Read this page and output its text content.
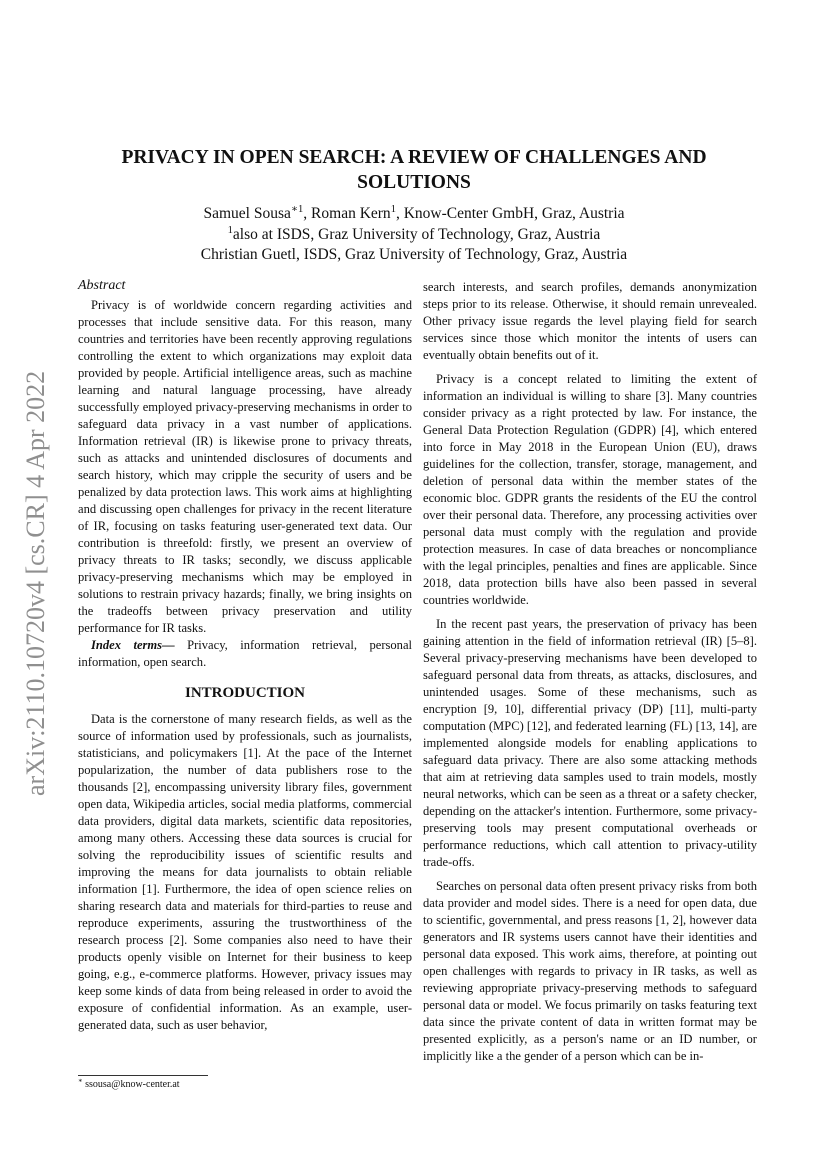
arXiv:2110.10720v4 [cs.CR] 4 Apr 2022
PRIVACY IN OPEN SEARCH: A REVIEW OF CHALLENGES AND
SOLUTIONS
Samuel Sousa$^{∗1}$, Roman Kern$^1$, Know-Center GmbH, Graz, Austria
$^1$also at ISDS, Graz University of Technology, Graz, Austria
Christian Guetl, ISDS, Graz University of Technology, Graz, Austria
Abstract

Privacy is of worldwide concern regarding activities and processes that include sensitive data. For this reason, many countries and territories have been recently approving regulations controlling the extent to which organizations may exploit data provided by people. Artificial intelligence areas, such as machine learning and natural language processing, have already successfully employed privacy-preserving mechanisms in order to safeguard data privacy in a vast number of applications. Information retrieval (IR) is likewise prone to privacy threats, such as attacks and unintended disclosures of documents and search history, which may cripple the security of users and be penalized by data protection laws. This work aims at highlighting and discussing open challenges for privacy in the recent literature of IR, focusing on tasks featuring user-generated text data. Our contribution is threefold: firstly, we present an overview of privacy threats to IR tasks; secondly, we discuss applicable privacy-preserving mechanisms which may be employed in solutions to restrain privacy hazards; finally, we bring insights on the tradeoffs between privacy preservation and utility performance for IR tasks.

Index terms— Privacy, information retrieval, personal information, open search.

INTRODUCTION

Data is the cornerstone of many research fields, as well as the source of information used by professionals, such as journalists, statisticians, and policymakers [1]. At the pace of the Internet popularization, the number of data publishers rose to the thousands [2], encompassing university library files, government open data, Wikipedia articles, social media platforms, commercial data providers, digital data markets, scientific data repositories, among many others. Accessing these data sources is crucial for solving the reproducibility issues of scientific results and improving the means for data journalists to obtain reliable information [1]. Furthermore, the idea of open science relies on sharing research data and materials for third-parties to reuse and reproduce experiments, assuring the trustworthiness of the research process [2]. Some companies also need to have their products openly visible on Internet for their business to keep going, e.g., e-commerce platforms. However, privacy issues may keep some kinds of data from being released in order to avoid the exposure of confidential information. As an example, user-generated data, such as user behavior,

search interests, and search profiles, demands anonymization steps prior to its release. Otherwise, it should remain unrevealed. Other privacy issue regards the level playing field for search services since those which monitor the intents of users can eventually obtain benefits out of it.

Privacy is a concept related to limiting the extent of information an individual is willing to share [3]. Many countries consider privacy as a right protected by law. For instance, the General Data Protection Regulation (GDPR) [4], which entered into force in May 2018 in the European Union (EU), draws guidelines for the collection, transfer, storage, management, and deletion of personal data within the member states of the economic bloc. GDPR grants the residents of the EU the control over their personal data. Therefore, any processing activities over personal data must comply with the regulation and provide protection measures. In case of data breaches or noncompliance with the legal principles, penalties and fines are applicable. Since 2018, data protection bills have also been passed in several countries worldwide.

In the recent past years, the preservation of privacy has been gaining attention in the field of information retrieval (IR) [5–8]. Several privacy-preserving mechanisms have been developed to safeguard personal data from threats, as attacks, disclosures, and unintended usages. Some of these mechanisms, such as encryption [9, 10], differential privacy (DP) [11], multi-party computation (MPC) [12], and federated learning (FL) [13, 14], are implemented alongside models for enabling applications to safeguard data privacy. There are also some attacking methods that aim at retrieving data samples used to train models, mostly neural networks, which can be seen as a threat or a safety checker, depending on the attacker's intention. Furthermore, some privacy-preserving tools may present computational overheads or performance reductions, which call attention to privacy-utility trade-offs.

Searches on personal data often present privacy risks from both data provider and model sides. There is a need for open data, due to scientific, governmental, and press reasons [1, 2], however data generators and IR systems users cannot have their identities and personal data exposed. This work aims, therefore, at pointing out open challenges with regards to privacy in IR tasks, as well as reviewing appropriate privacy-preserving methods to safeguard personal data or model. We focus primarily on tasks featuring text data since the private content of data in written format may be presented explicitly, as a person's name or an ID number, or implicitly like a the gender of a person which can be in-

∗ ssousa@know-center.at
